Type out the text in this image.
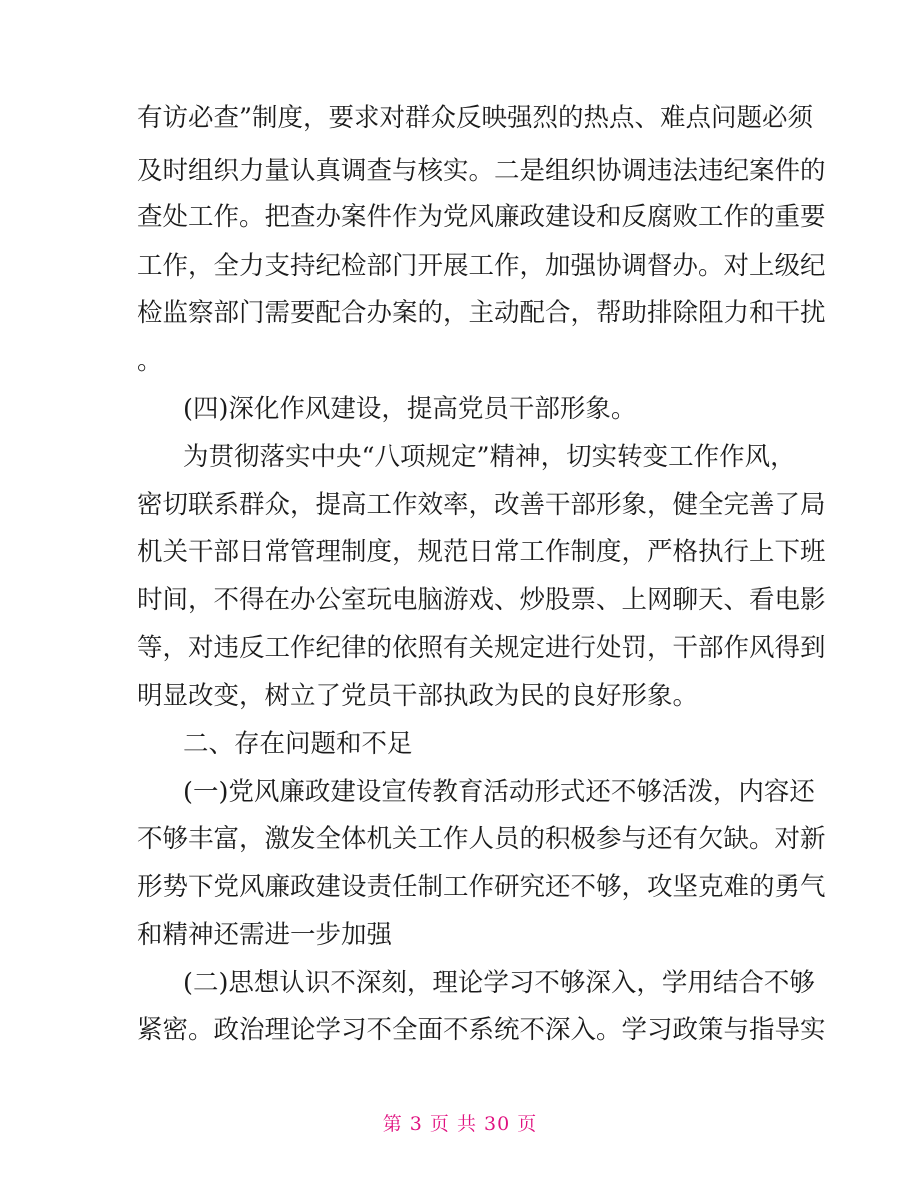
有访必查”制度，要求对群众反映强烈的热点、难点问题必须
及时组织力量认真调查与核实。二是组织协调违法违纪案件的
查处工作。把查办案件作为党风廉政建设和反腐败工作的重要
工作，全力支持纪检部门开展工作，加强协调督办。对上级纪
检监察部门需要配合办案的，主动配合，帮助排除阻力和干扰
。
(四)深化作风建设，提高党员干部形象。
为贯彻落实中央“八项规定”精神，切实转变工作作风，
密切联系群众，提高工作效率，改善干部形象，健全完善了局
机关干部日常管理制度，规范日常工作制度，严格执行上下班
时间，不得在办公室玩电脑游戏、炒股票、上网聊天、看电影
等，对违反工作纪律的依照有关规定进行处罚，干部作风得到
明显改变，树立了党员干部执政为民的良好形象。
二、存在问题和不足
(一)党风廉政建设宣传教育活动形式还不够活泼，内容还
不够丰富，激发全体机关工作人员的积极参与还有欠缺。对新
形势下党风廉政建设责任制工作研究还不够，攻坚克难的勇气
和精神还需进一步加强
(二)思想认识不深刻，理论学习不够深入，学用结合不够
紧密。政治理论学习不全面不系统不深入。学习政策与指导实
第 3 页 共 30 页
